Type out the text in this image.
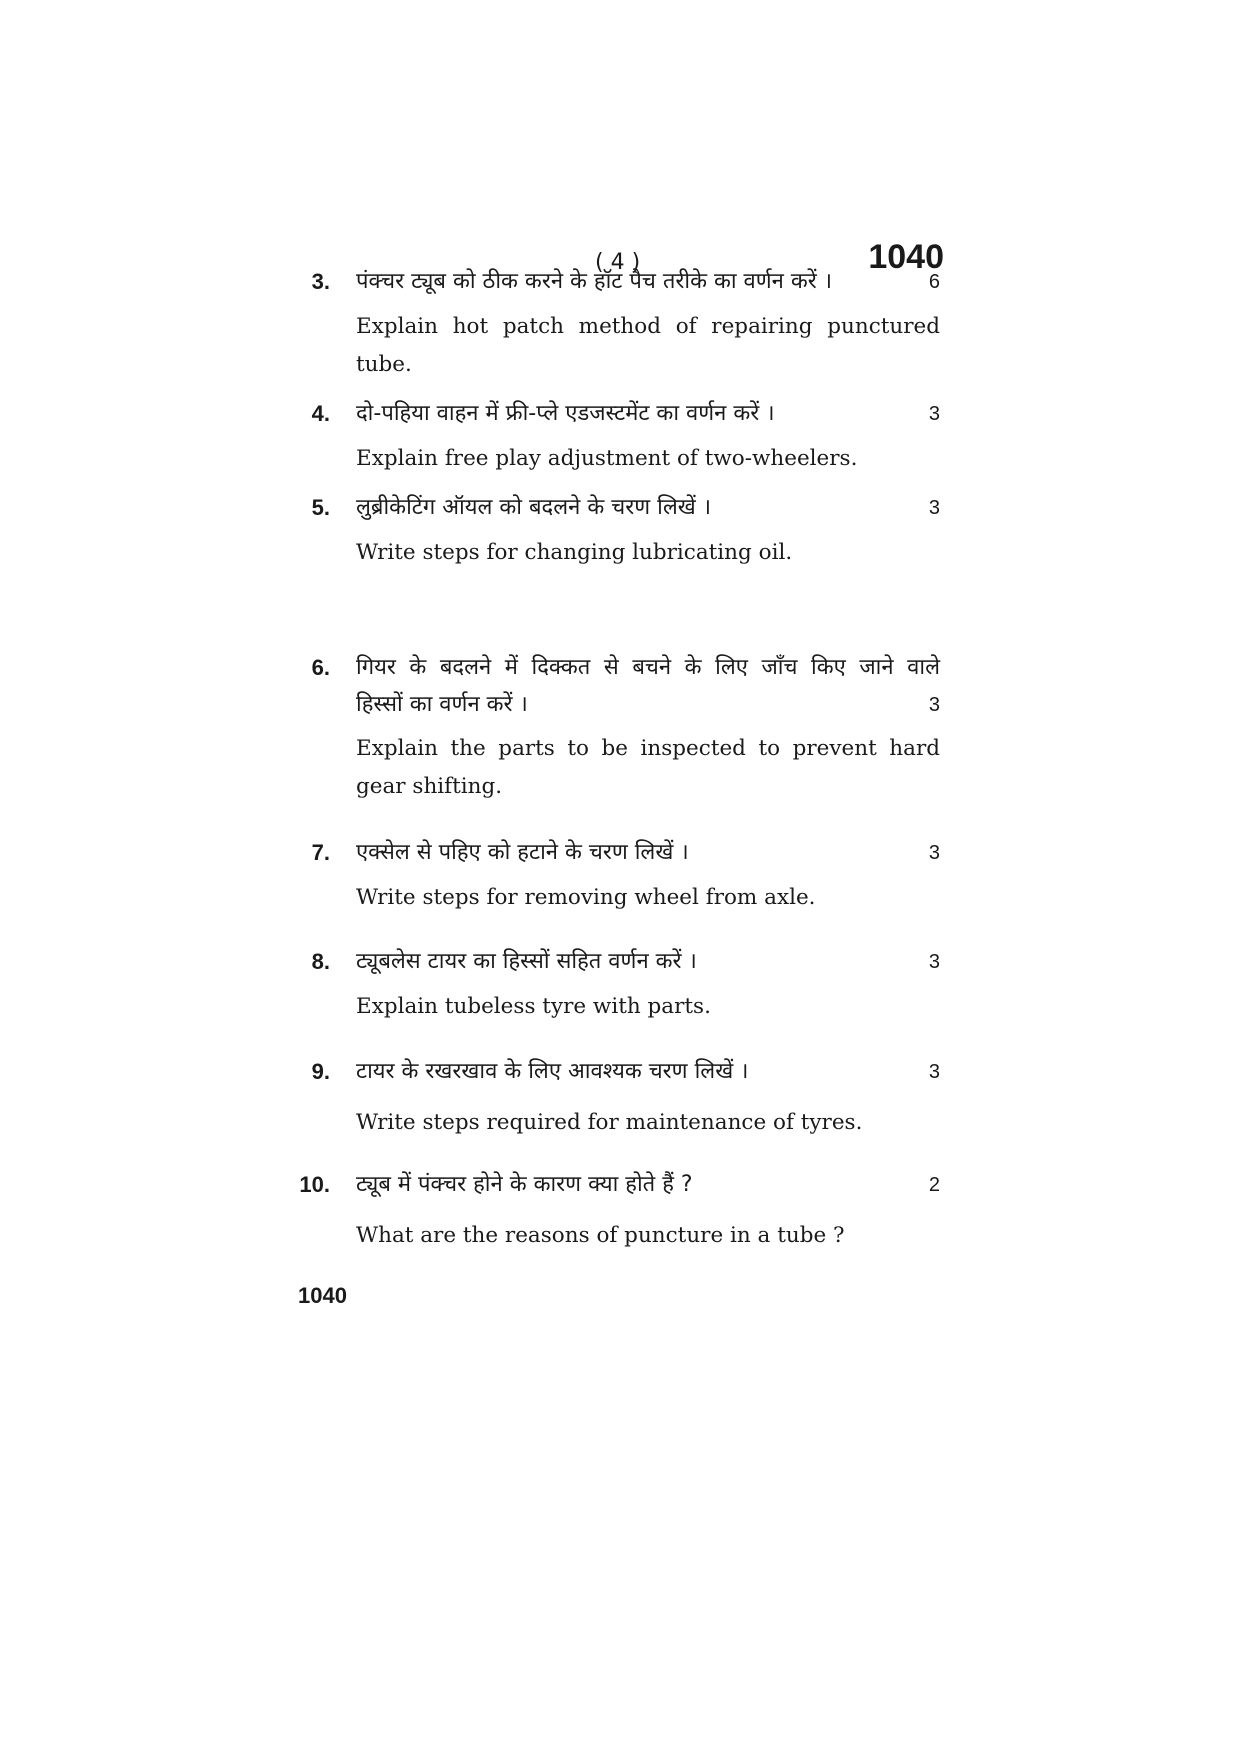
( 4 )	1040
3. पंक्चर ट्यूब को ठीक करने के हॉट पैच तरीके का वर्णन करें ।	6
Explain hot patch method of repairing punctured tube.
4. दो-पहिया वाहन में फ्री-प्ले एडजस्टमेंट का वर्णन करें ।	3
Explain free play adjustment of two-wheelers.
5. लुब्रीकेटिंग ऑयल को बदलने के चरण लिखें ।	3
Write steps for changing lubricating oil.
6. गियर के बदलने में दिक्कत से बचने के लिए जाँच किए जाने वाले
हिस्सों का वर्णन करें ।	3
Explain the parts to be inspected to prevent hard gear shifting.
7. एक्सेल से पहिए को हटाने के चरण लिखें ।	3
Write steps for removing wheel from axle.
8. ट्यूबलेस टायर का हिस्सों सहित वर्णन करें ।	3
Explain tubeless tyre with parts.
9. टायर के रखरखाव के लिए आवश्यक चरण लिखें ।	3
Write steps required for maintenance of tyres.
10. ट्यूब में पंक्चर होने के कारण क्या होते हैं ?	2
What are the reasons of puncture in a tube ?
1040
